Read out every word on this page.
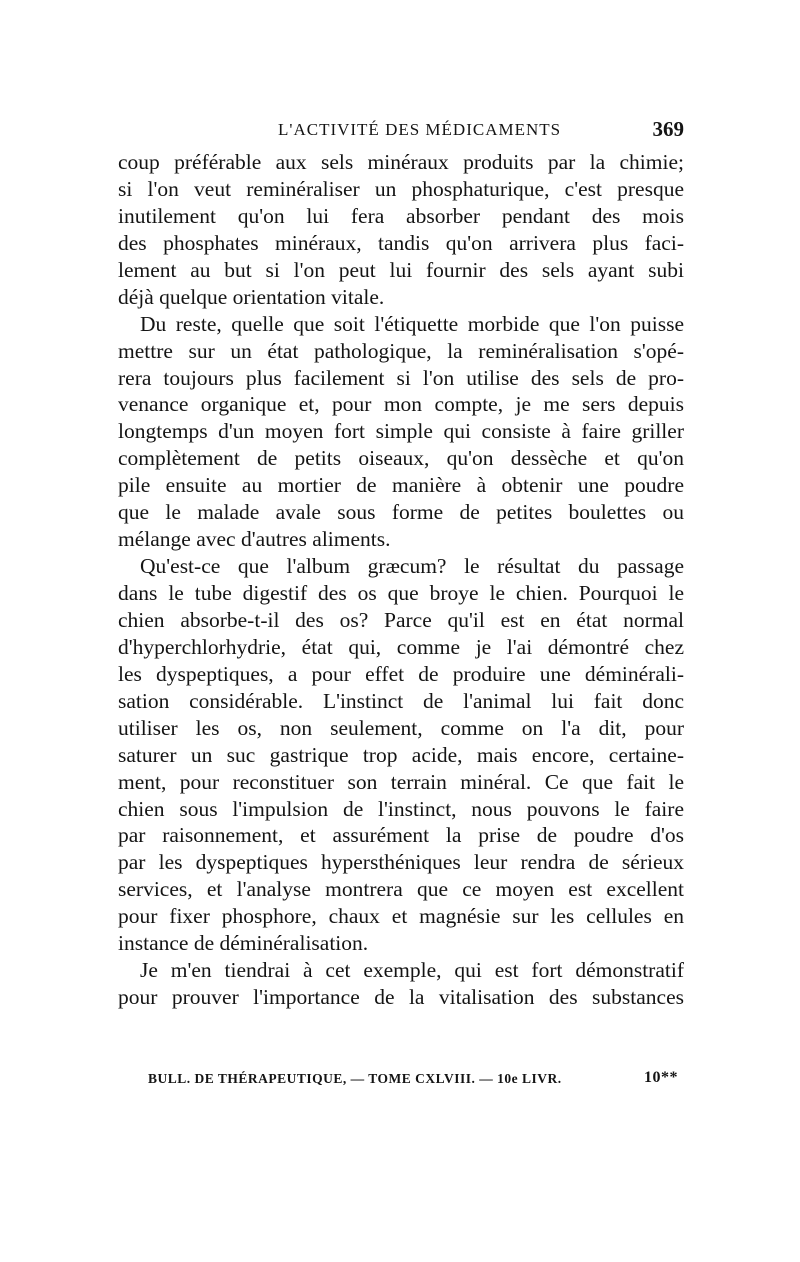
L'ACTIVITÉ DES MÉDICAMENTS	369
coup préférable aux sels minéraux produits par la chimie;
si l'on veut reminéraliser un phosphaturique, c'est presque
inutilement qu'on lui fera absorber pendant des mois
des phosphates minéraux, tandis qu'on arrivera plus faci-
lement au but si l'on peut lui fournir des sels ayant subi
déjà quelque orientation vitale.
Du reste, quelle que soit l'étiquette morbide que l'on puisse
mettre sur un état pathologique, la reminéralisation s'opé-
rera toujours plus facilement si l'on utilise des sels de pro-
venance organique et, pour mon compte, je me sers depuis
longtemps d'un moyen fort simple qui consiste à faire griller
complètement de petits oiseaux, qu'on dessèche et qu'on
pile ensuite au mortier de manière à obtenir une poudre
que le malade avale sous forme de petites boulettes ou
mélange avec d'autres aliments.
Qu'est-ce que l'album græcum? le résultat du passage
dans le tube digestif des os que broye le chien. Pourquoi le
chien absorbe-t-il des os? Parce qu'il est en état normal
d'hyperchlorhydrie, état qui, comme je l'ai démontré chez
les dyspeptiques, a pour effet de produire une déminérali-
sation considérable. L'instinct de l'animal lui fait donc
utiliser les os, non seulement, comme on l'a dit, pour
saturer un suc gastrique trop acide, mais encore, certaine-
ment, pour reconstituer son terrain minéral. Ce que fait le
chien sous l'impulsion de l'instinct, nous pouvons le faire
par raisonnement, et assurément la prise de poudre d'os
par les dyspeptiques hypersthéniques leur rendra de sérieux
services, et l'analyse montrera que ce moyen est excellent
pour fixer phosphore, chaux et magnésie sur les cellules en
instance de déminéralisation.
Je m'en tiendrai à cet exemple, qui est fort démonstratif
pour prouver l'importance de la vitalisation des substances
BULL. DE THÉRAPEUTIQUE, — TOME CXLVIII. — 10e LIVR.	10**
